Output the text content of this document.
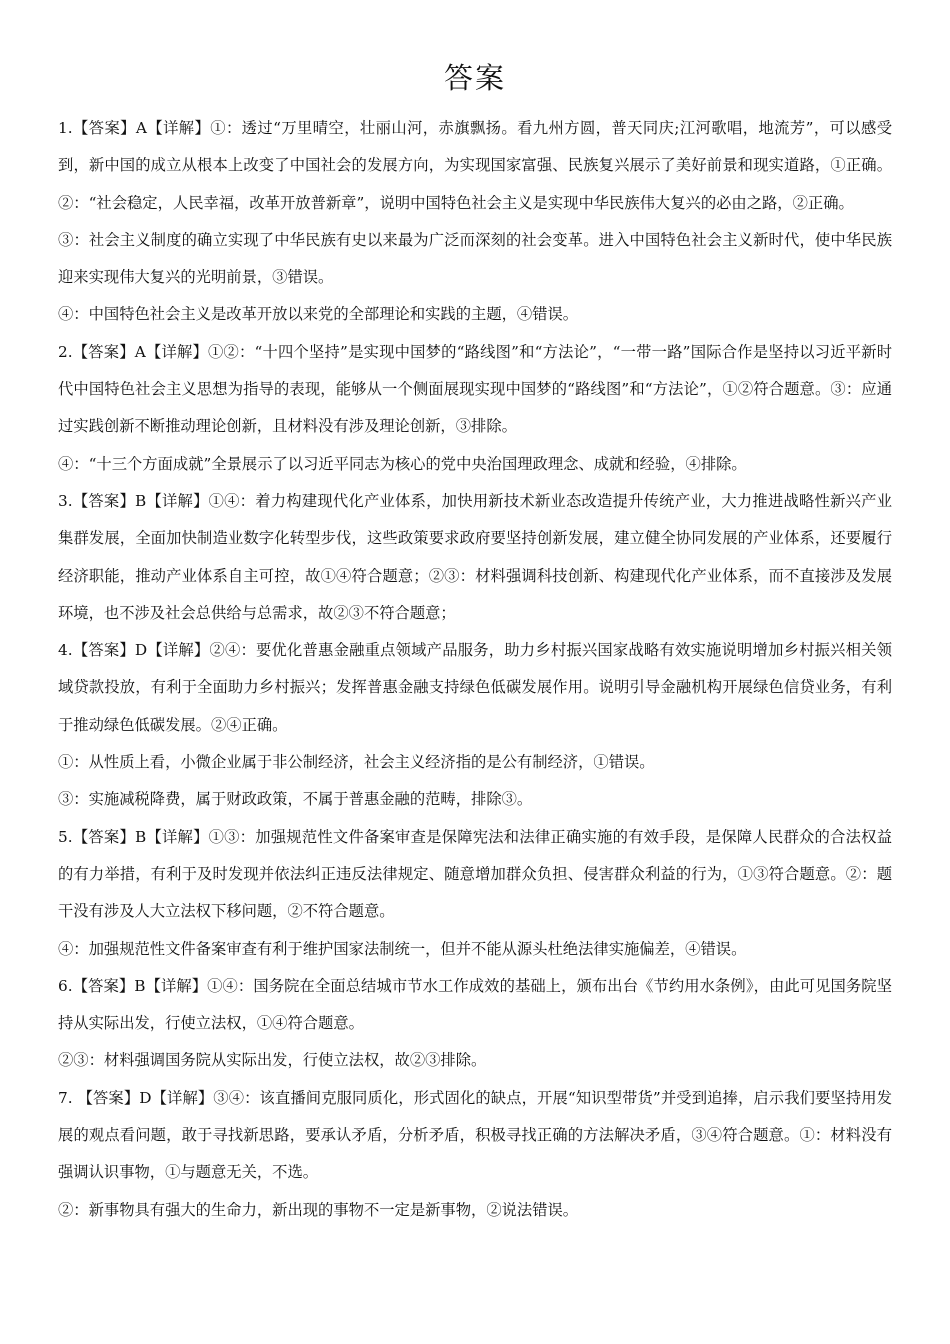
答案

1.【答案】A【详解】①：透过“万里晴空，壮丽山河，赤旗飘扬。看九州方圆，普天同庆;江河歌唱，地流芳”，可以感受到，新中国的成立从根本上改变了中国社会的发展方向，为实现国家富强、民族复兴展示了美好前景和现实道路，①正确。②：“社会稳定，人民幸福，改革开放普新章”，说明中国特色社会主义是实现中华民族伟大复兴的必由之路，②正确。

③：社会主义制度的确立实现了中华民族有史以来最为广泛而深刻的社会变革。进入中国特色社会主义新时代，使中华民族迎来实现伟大复兴的光明前景，③错误。

④：中国特色社会主义是改革开放以来党的全部理论和实践的主题，④错误。

2.【答案】A【详解】①②：“十四个坚持”是实现中国梦的“路线图”和“方法论”，“一带一路”国际合作是坚持以习近平新时代中国特色社会主义思想为指导的表现，能够从一个侧面展现实现中国梦的“路线图”和“方法论”，①②符合题意。③：应通过实践创新不断推动理论创新，且材料没有涉及理论创新，③排除。

④：“十三个方面成就”全景展示了以习近平同志为核心的党中央治国理政理念、成就和经验，④排除。

3.【答案】B【详解】①④：着力构建现代化产业体系，加快用新技术新业态改造提升传统产业，大力推进战略性新兴产业集群发展，全面加快制造业数字化转型步伐，这些政策要求政府要坚持创新发展，建立健全协同发展的产业体系，还要履行经济职能，推动产业体系自主可控，故①④符合题意；②③：材料强调科技创新、构建现代化产业体系，而不直接涉及发展环境，也不涉及社会总供给与总需求，故②③不符合题意；

4.【答案】D【详解】②④：要优化普惠金融重点领域产品服务，助力乡村振兴国家战略有效实施说明增加乡村振兴相关领域贷款投放，有利于全面助力乡村振兴；发挥普惠金融支持绿色低碳发展作用。说明引导金融机构开展绿色信贷业务，有利于推动绿色低碳发展。②④正确。

①：从性质上看，小微企业属于非公制经济，社会主义经济指的是公有制经济，①错误。

③：实施减税降费，属于财政政策，不属于普惠金融的范畴，排除③。

5.【答案】B【详解】①③：加强规范性文件备案审查是保障宪法和法律正确实施的有效手段，是保障人民群众的合法权益的有力举措，有利于及时发现并依法纠正违反法律规定、随意增加群众负担、侵害群众利益的行为，①③符合题意。②：题干没有涉及人大立法权下移问题，②不符合题意。

④：加强规范性文件备案审查有利于维护国家法制统一，但并不能从源头杜绝法律实施偏差，④错误。

6.【答案】B【详解】①④：国务院在全面总结城市节水工作成效的基础上，颁布出台《节约用水条例》，由此可见国务院坚持从实际出发，行使立法权，①④符合题意。

②③：材料强调国务院从实际出发，行使立法权，故②③排除。

7. 【答案】D【详解】③④：该直播间克服同质化，形式固化的缺点，开展“知识型带货”并受到追捧，启示我们要坚持用发展的观点看问题，敢于寻找新思路，要承认矛盾，分析矛盾，积极寻找正确的方法解决矛盾，③④符合题意。①：材料没有强调认识事物，①与题意无关，不选。

②：新事物具有强大的生命力，新出现的事物不一定是新事物，②说法错误。
